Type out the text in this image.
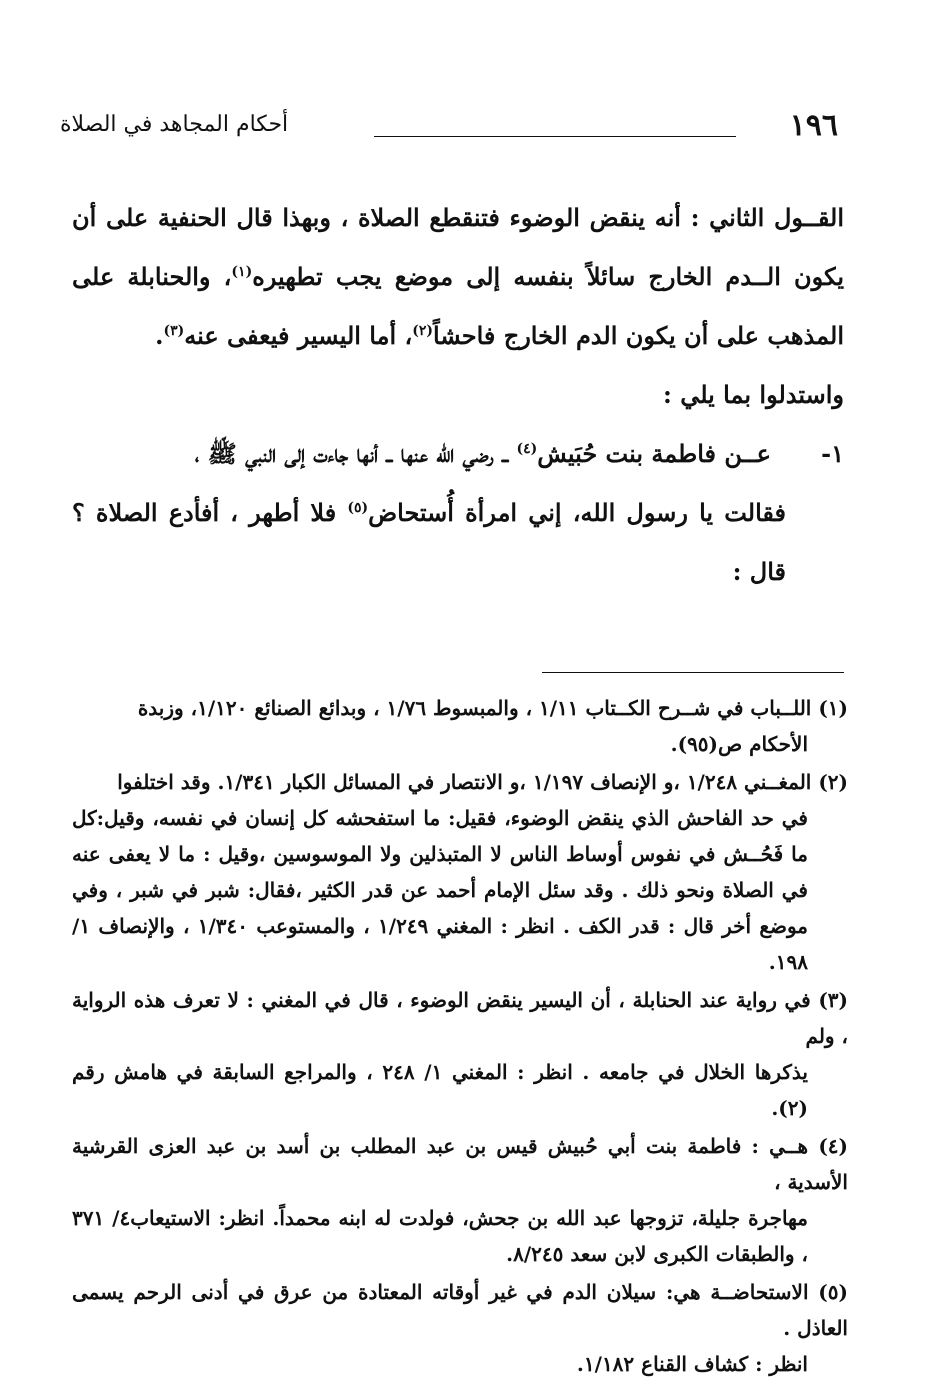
١٩٦
أحكام المجاهد في الصلاة

القــول الثاني : أنه ينقض الوضوء فتنقطع الصلاة ، وبهذا قال الحنفية على أن يكون الــدم الخارج سائلاً بنفسه إلى موضع يجب تطهيره$^{(١)}$، والحنابلة على المذهب على أن يكون الدم الخارج فاحشاً$^{(٢)}$، أما اليسير فيعفى عنه$^{(٣)}$.

واستدلوا بما يلي :

١-      عــن فاطمة بنت حُبَيش$^{(٤)}$ ــ رضي الله عنها ــ أنها جاءت إلى النبي ﷺ ،

فقالت يا رسول الله، إني امرأة أُستحاض$^{(٥)}$ فلا أطهر ، أفأدع الصلاة ؟ قال :

(١) اللــباب في شــرح الكــتاب ١/١١ ، والمبسوط ١/٧٦ ، وبدائع الصنائع ١/١٢٠، وزبدة
الأحكام ص(٩٥).

(٢) المغــني ١/٢٤٨ ،و الإنصاف ١/١٩٧ ،و الانتصار في المسائل الكبار ١/٣٤١. وقد اختلفوا
في حد الفاحش الذي ينقض الوضوء، فقيل: ما استفحشه كل إنسان في نفسه، وقيل:كل ما فَحُــش في نفوس أوساط الناس لا المتبذلين ولا الموسوسين ،وقيل : ما لا يعفى عنه في الصلاة ونحو ذلك . وقد سئل الإمام أحمد عن قدر الكثير ،فقال: شبر في شبر ، وفي موضع أخر قال : قدر الكف . انظر : المغني ١/٢٤٩ ، والمستوعب ١/٣٤٠ ، والإنصاف ١/ ١٩٨.

(٣) في رواية عند الحنابلة ، أن اليسير ينقض الوضوء ، قال في المغني : لا تعرف هذه الرواية ، ولم
يذكرها الخلال في جامعه . انظر : المغني ١/ ٢٤٨ ، والمراجع السابقة في هامش رقم (٢).

(٤) هــي : فاطمة بنت أبي حُبيش قيس بن عبد المطلب بن أسد بن عبد العزى القرشية الأسدية ،
مهاجرة جليلة، تزوجها عبد الله بن جحش، فولدت له ابنه محمداً. انظر: الاستيعاب٤/ ٣٧١ ، والطبقات الكبرى لابن سعد ٨/٢٤٥.

(٥) الاستحاضــة هي: سيلان الدم في غير أوقاته المعتادة من عرق في أدنى الرحم يسمى العاذل .
انظر : كشاف القناع ١/١٨٢.
